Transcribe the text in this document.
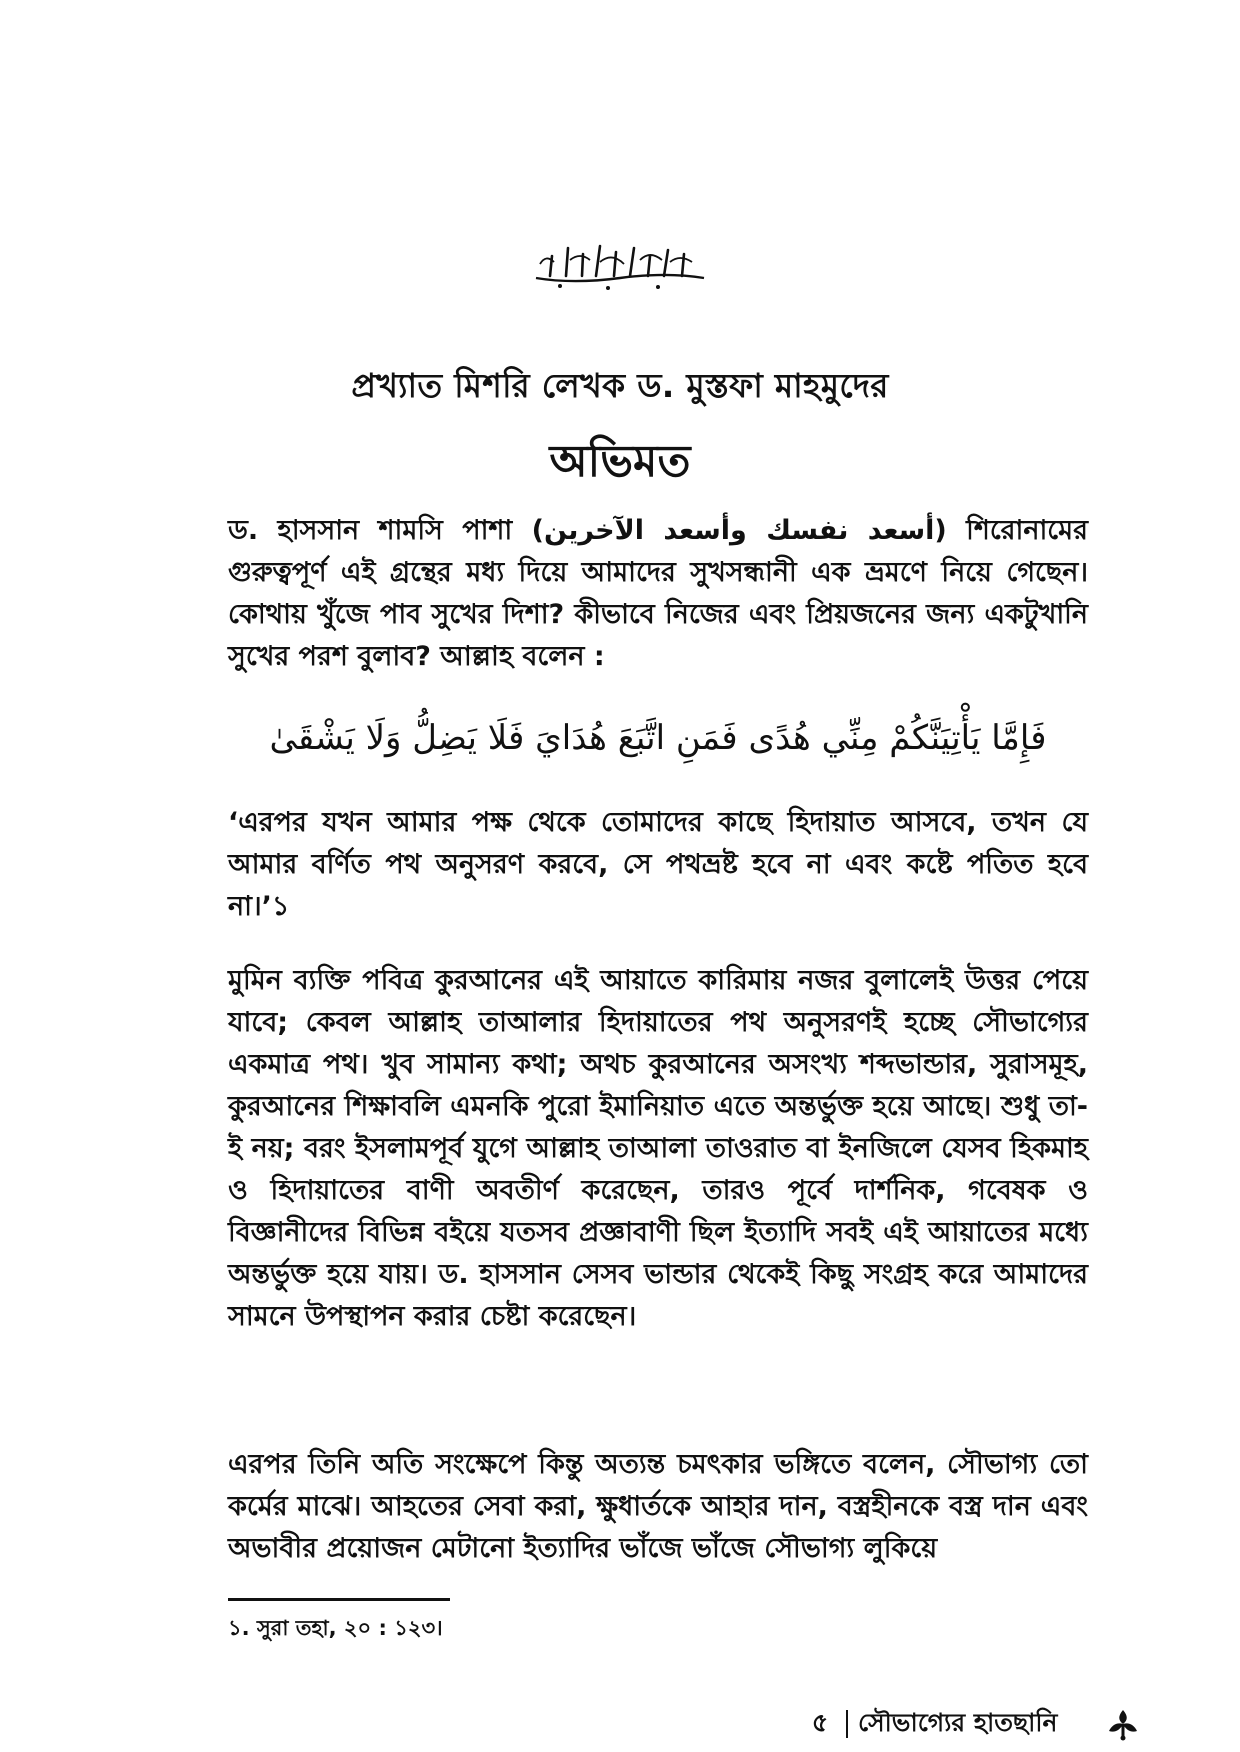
প্রখ্যাত মিশরি লেখক ড. মুস্তফা মাহমুদের
অভিমত
ড. হাসসান শামসি পাশা (أسعد نفسك وأسعد الآخرين) শিরোনামের গুরুত্বপূর্ণ এই গ্রন্থের মধ্য দিয়ে আমাদের সুখসন্ধানী এক ভ্রমণে নিয়ে গেছেন। কোথায় খুঁজে পাব সুখের দিশা? কীভাবে নিজের এবং প্রিয়জনের জন্য একটুখানি সুখের পরশ বুলাব? আল্লাহ বলেন :
فَإِمَّا يَأْتِيَنَّكُمْ مِنِّي هُدًى فَمَنِ اتَّبَعَ هُدَايَ فَلَا يَضِلُّ وَلَا يَشْقَىٰ
‘এরপর যখন আমার পক্ষ থেকে তোমাদের কাছে হিদায়াত আসবে, তখন যে আমার বর্ণিত পথ অনুসরণ করবে, সে পথভ্রষ্ট হবে না এবং কষ্টে পতিত হবে না।’১
মুমিন ব্যক্তি পবিত্র কুরআনের এই আয়াতে কারিমায় নজর বুলালেই উত্তর পেয়ে যাবে; কেবল আল্লাহ তাআলার হিদায়াতের পথ অনুসরণই হচ্ছে সৌভাগ্যের একমাত্র পথ। খুব সামান্য কথা; অথচ কুরআনের অসংখ্য শব্দভান্ডার, সুরাসমূহ, কুরআনের শিক্ষাবলি এমনকি পুরো ইমানিয়াত এতে অন্তর্ভুক্ত হয়ে আছে। শুধু তা-ই নয়; বরং ইসলামপূর্ব যুগে আল্লাহ তাআলা তাওরাত বা ইনজিলে যেসব হিকমাহ ও হিদায়াতের বাণী অবতীর্ণ করেছেন, তারও পূর্বে দার্শনিক, গবেষক ও বিজ্ঞানীদের বিভিন্ন বইয়ে যতসব প্রজ্ঞাবাণী ছিল ইত্যাদি সবই এই আয়াতের মধ্যে অন্তর্ভুক্ত হয়ে যায়। ড. হাসসান সেসব ভান্ডার থেকেই কিছু সংগ্রহ করে আমাদের সামনে উপস্থাপন করার চেষ্টা করেছেন।
এরপর তিনি অতি সংক্ষেপে কিন্তু অত্যন্ত চমৎকার ভঙ্গিতে বলেন, সৌভাগ্য তো কর্মের মাঝে। আহতের সেবা করা, ক্ষুধার্তকে আহার দান, বস্ত্রহীনকে বস্ত্র দান এবং অভাবীর প্রয়োজন মেটানো ইত্যাদির ভাঁজে ভাঁজে সৌভাগ্য লুকিয়ে
১. সুরা তহা, ২০ : ১২৩।
৫	সৌভাগ্যের হাতছানি
